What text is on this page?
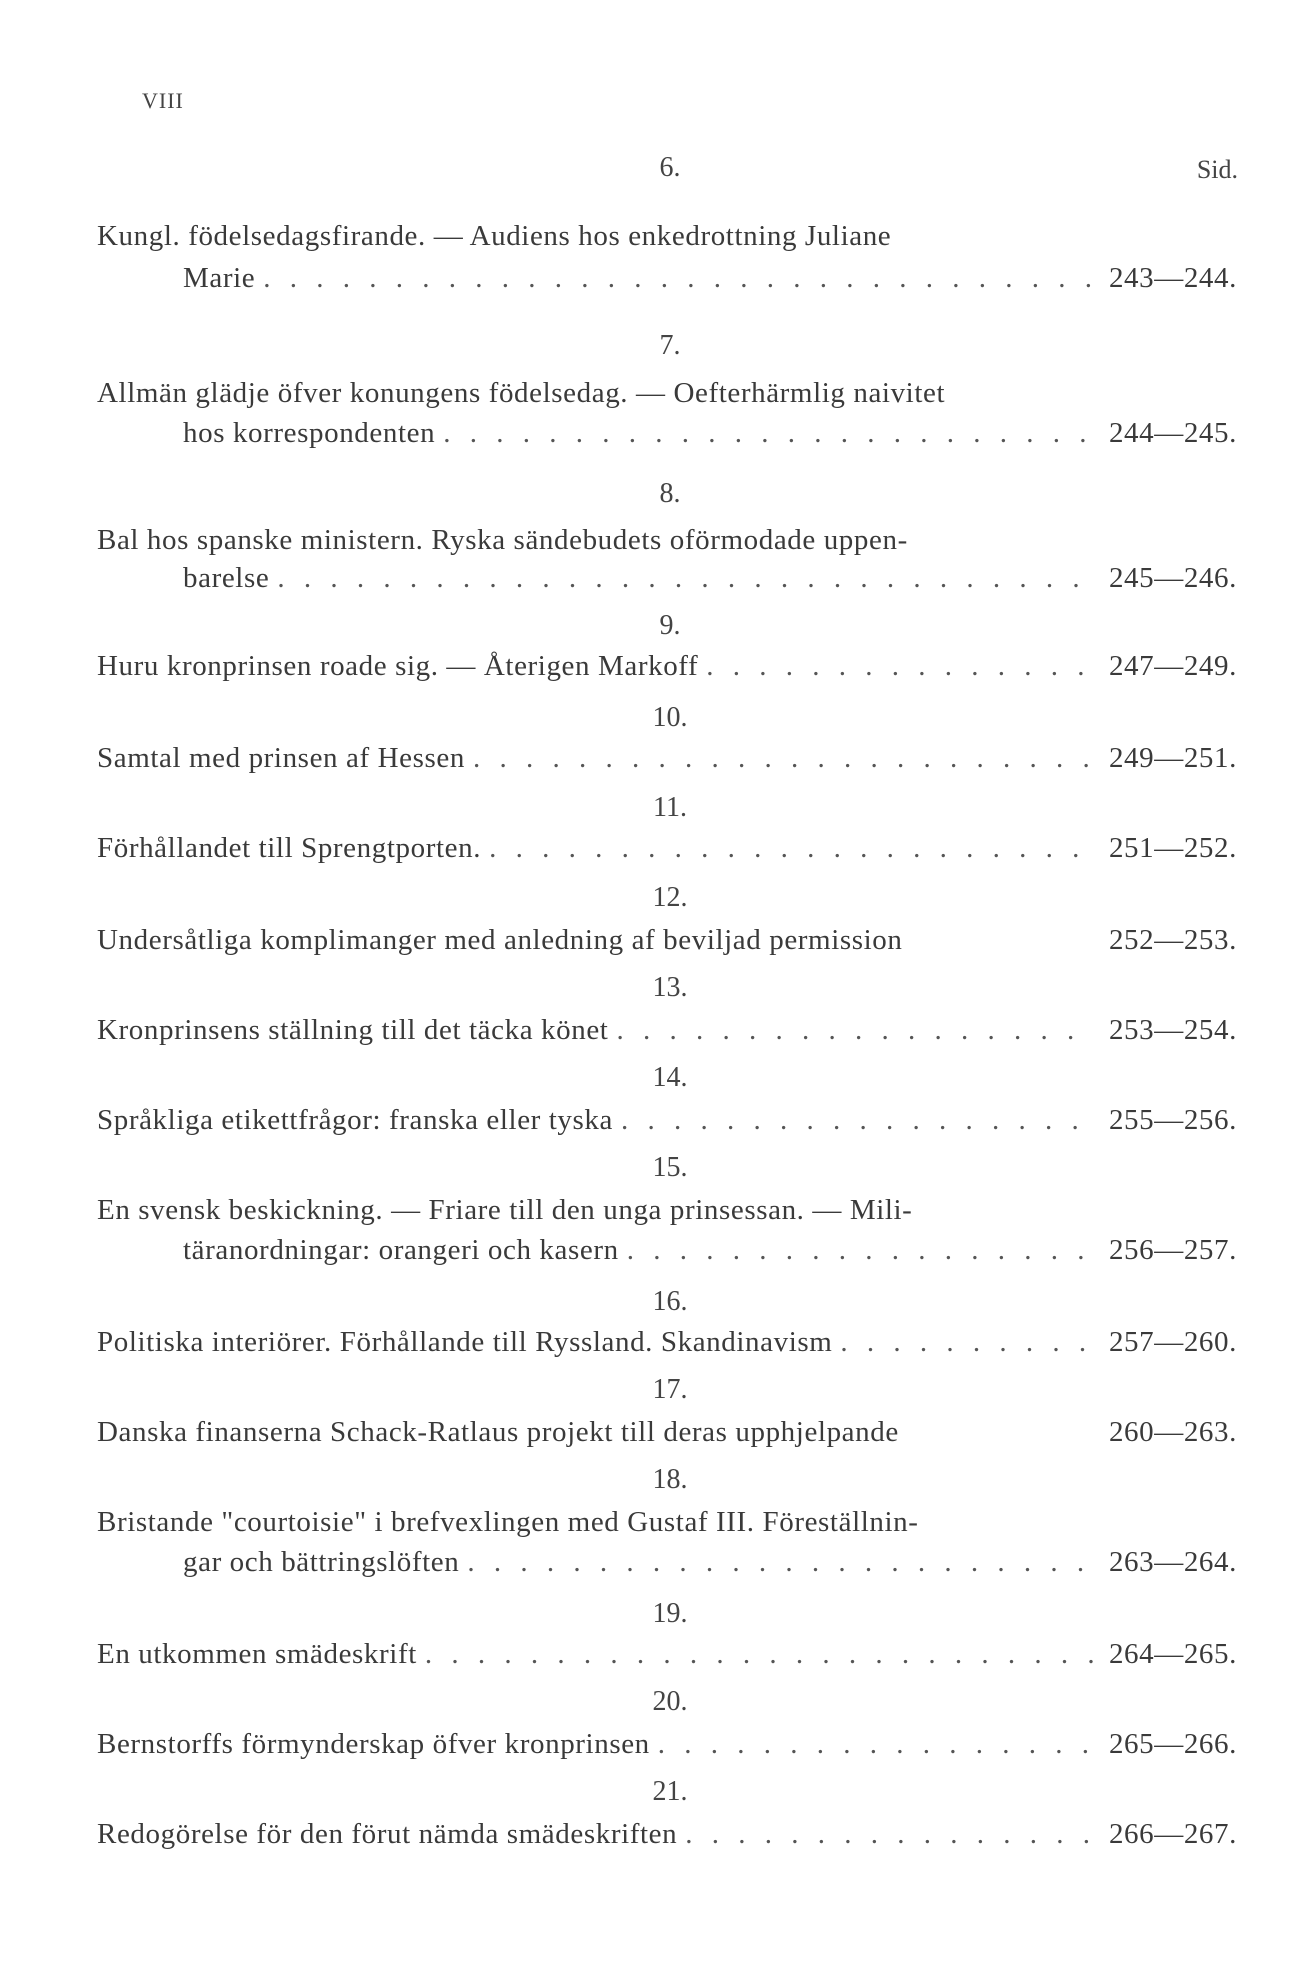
VIII
Sid.
6.
Kungl. födelsedagsfirande. — Audiens hos enkedrottning Juliane
Marie . . .	243—244.
7.
Allmän glädje öfver konungens födelsedag. — Oefterhärmlig naivitet
hos korrespondenten . . .	244—245.
8.
Bal hos spanske ministern. Ryska sändebudets oförmodade uppen-
barelse . . .	245—246.
9.
Huru kronprinsen roade sig. — Återigen Markoff . . .	247—249.
10.
Samtal med prinsen af Hessen . . .	249—251.
11.
Förhållandet till Sprengtporten. . . .	251—252.
12.
Undersåtliga komplimanger med anledning af beviljad permission	252—253.
13.
Kronprinsens ställning till det täcka könet . . .	253—254.
14.
Språkliga etikettfrågor: franska eller tyska . . .	255—256.
15.
En svensk beskickning. — Friare till den unga prinsessan. — Mili-
täranordningar: orangeri och kasern . . .	256—257.
16.
Politiska interiörer. Förhållande till Ryssland. Skandinavism . . .	257—260.
17.
Danska finanserna Schack-Ratlaus projekt till deras upphjelpande	260—263.
18.
Bristande "courtoisie" i brefvexlingen med Gustaf III. Föreställnin-
gar och bättringslöften . . .	263—264.
19.
En utkommen smädeskrift . . .	264—265.
20.
Bernstorffs förmynderskap öfver kronprinsen . . .	265—266.
21.
Redogörelse för den förut nämda smädeskriften . . .	266—267.
